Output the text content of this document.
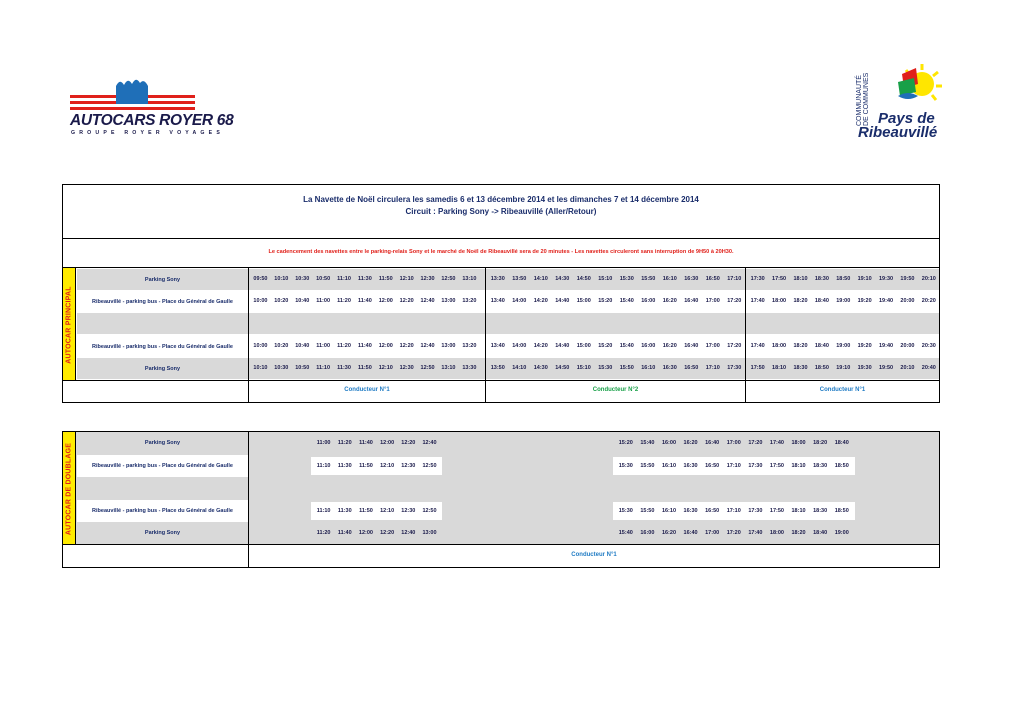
AUTOCARS ROYER 68
GROUPE ROYER VOYAGES
COMMUNAUTÉ DE COMMUNES Pays de
Ribeauvillé
La Navette de Noël circulera les samedis 6 et 13 décembre 2014 et les dimanches 7 et 14 décembre 2014
Circuit : Parking Sony -> Ribeauvillé (Aller/Retour)
Le cadencement des navettes entre le parking-relais Sony et le marché de Noël de Ribeauvillé sera de 20 minutes - Les navettes circuleront sans interruption de 9H50 à 20H30.
AUTOCAR PRINCIPAL
Parking Sony	09:50	10:10	10:30	10:50	11:10	11:30	11:50	12:10	12:30	12:50	13:10	13:30	13:50	14:10	14:30	14:50	15:10	15:30	15:50	16:10	16:30	16:50	17:10	17:30	17:50	18:10	18:30	18:50	19:10	19:30	19:50	20:10
Ribeauvillé - parking bus - Place du Général de Gaulle	10:00	10:20	10:40	11:00	11:20	11:40	12:00	12:20	12:40	13:00	13:20	13:40	14:00	14:20	14:40	15:00	15:20	15:40	16:00	16:20	16:40	17:00	17:20	17:40	18:00	18:20	18:40	19:00	19:20	19:40	20:00	20:20
Ribeauvillé - parking bus - Place du Général de Gaulle	10:00	10:20	10:40	11:00	11:20	11:40	12:00	12:20	12:40	13:00	13:20	13:40	14:00	14:20	14:40	15:00	15:20	15:40	16:00	16:20	16:40	17:00	17:20	17:40	18:00	18:20	18:40	19:00	19:20	19:40	20:00	20:30
Parking Sony	10:10	10:30	10:50	11:10	11:30	11:50	12:10	12:30	12:50	13:10	13:30	13:50	14:10	14:30	14:50	15:10	15:30	15:50	16:10	16:30	16:50	17:10	17:30	17:50	18:10	18:30	18:50	19:10	19:30	19:50	20:10	20:40
Conducteur N°1	Conducteur N°2	Conducteur N°1
AUTOCAR DE DOUBLAGE	Parking Sony	11:00	11:20	11:40	12:00	12:20	12:40	15:20	15:40	16:00	16:20	16:40	17:00	17:20	17:40	18:00	18:20	18:40
Ribeauvillé - parking bus - Place du Général de Gaulle	11:10	11:30	11:50	12:10	12:30	12:50	15:30	15:50	16:10	16:30	16:50	17:10	17:30	17:50	18:10	18:30	18:50
Ribeauvillé - parking bus - Place du Général de Gaulle	11:10	11:30	11:50	12:10	12:30	12:50	15:30	15:50	16:10	16:30	16:50	17:10	17:30	17:50	18:10	18:30	18:50
Parking Sony	11:20	11:40	12:00	12:20	12:40	13:00	15:40	16:00	16:20	16:40	17:00	17:20	17:40	18:00	18:20	18:40	19:00
Conducteur N°1
